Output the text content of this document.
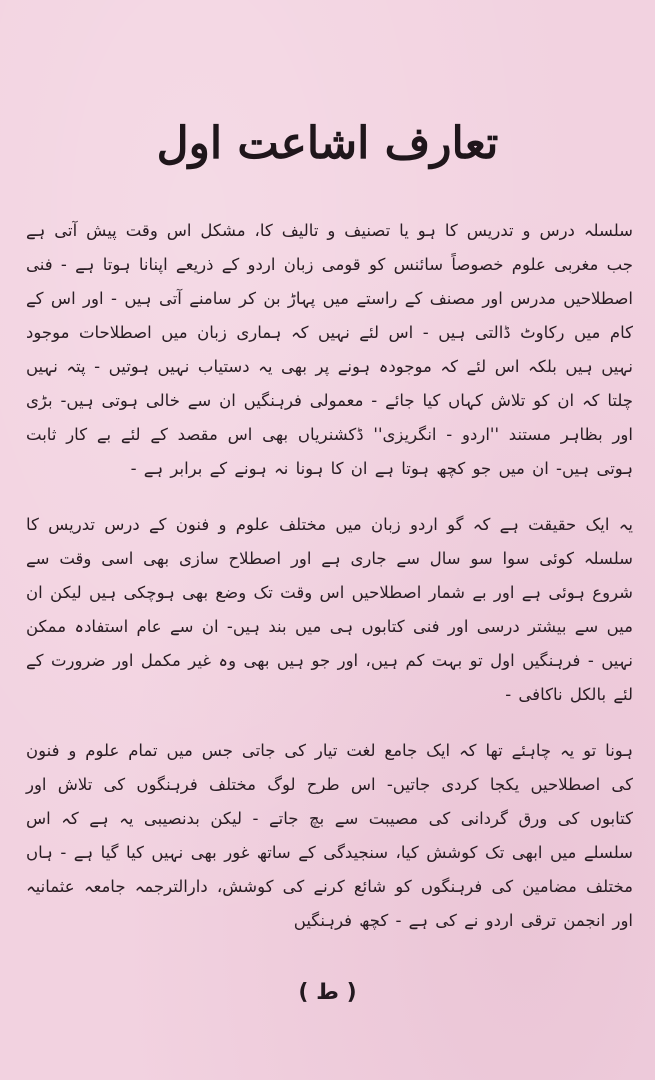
تعارف اشاعت اول

سلسلہ درس و تدریس کا ہو یا تصنیف و تالیف کا، مشکل اس وقت پیش آتی ہے جب مغربی علوم خصوصاً سائنس کو قومی زبان اردو کے ذریعے اپنانا ہوتا ہے - فنی اصطلاحیں مدرس اور مصنف کے راستے میں پہاڑ بن کر سامنے آتی ہیں - اور اس کے کام میں رکاوٹ ڈالتی ہیں - اس لئے نہیں کہ ہماری زبان میں اصطلاحات موجود نہیں ہیں بلکہ اس لئے کہ موجودہ ہونے پر بھی یہ دستیاب نہیں ہوتیں - پتہ نہیں چلتا کہ ان کو تلاش کہاں کیا جائے - معمولی فرہنگیں ان سے خالی ہوتی ہیں- بڑی اور بظاہر مستند ''اردو - انگریزی'' ڈکشنریاں بھی اس مقصد کے لئے بے کار ثابت ہوتی ہیں- ان میں جو کچھ ہوتا ہے ان کا ہونا نہ ہونے کے برابر ہے -

یہ ایک حقیقت ہے کہ گو اردو زبان میں مختلف علوم و فنون کے درس تدریس کا سلسلہ کوئی سوا سو سال سے جاری ہے اور اصطلاح سازی بھی اسی وقت سے شروع ہوئی ہے اور بے شمار اصطلاحیں اس وقت تک وضع بھی ہوچکی ہیں لیکن ان میں سے بیشتر درسی اور فنی کتابوں ہی میں بند ہیں- ان سے عام استفادہ ممکن نہیں - فرہنگیں اول تو بہت کم ہیں، اور جو ہیں بھی وہ غیر مکمل اور ضرورت کے لئے بالکل ناکافی -

ہونا تو یہ چاہئے تھا کہ ایک جامع لغت تیار کی جاتی جس میں تمام علوم و فنون کی اصطلاحیں یکجا کردی جاتیں- اس طرح لوگ مختلف فرہنگوں کی تلاش اور کتابوں کی ورق گردانی کی مصیبت سے بچ جاتے - لیکن بدنصیبی یہ ہے کہ اس سلسلے میں ابھی تک کوشش کیا، سنجیدگی کے ساتھ غور بھی نہیں کیا گیا ہے - ہاں مختلف مضامین کی فرہنگوں کو شائع کرنے کی کوشش، دارالترجمہ جامعہ عثمانیہ اور انجمن ترقی اردو نے کی ہے - کچھ فرہنگیں

( ط )
